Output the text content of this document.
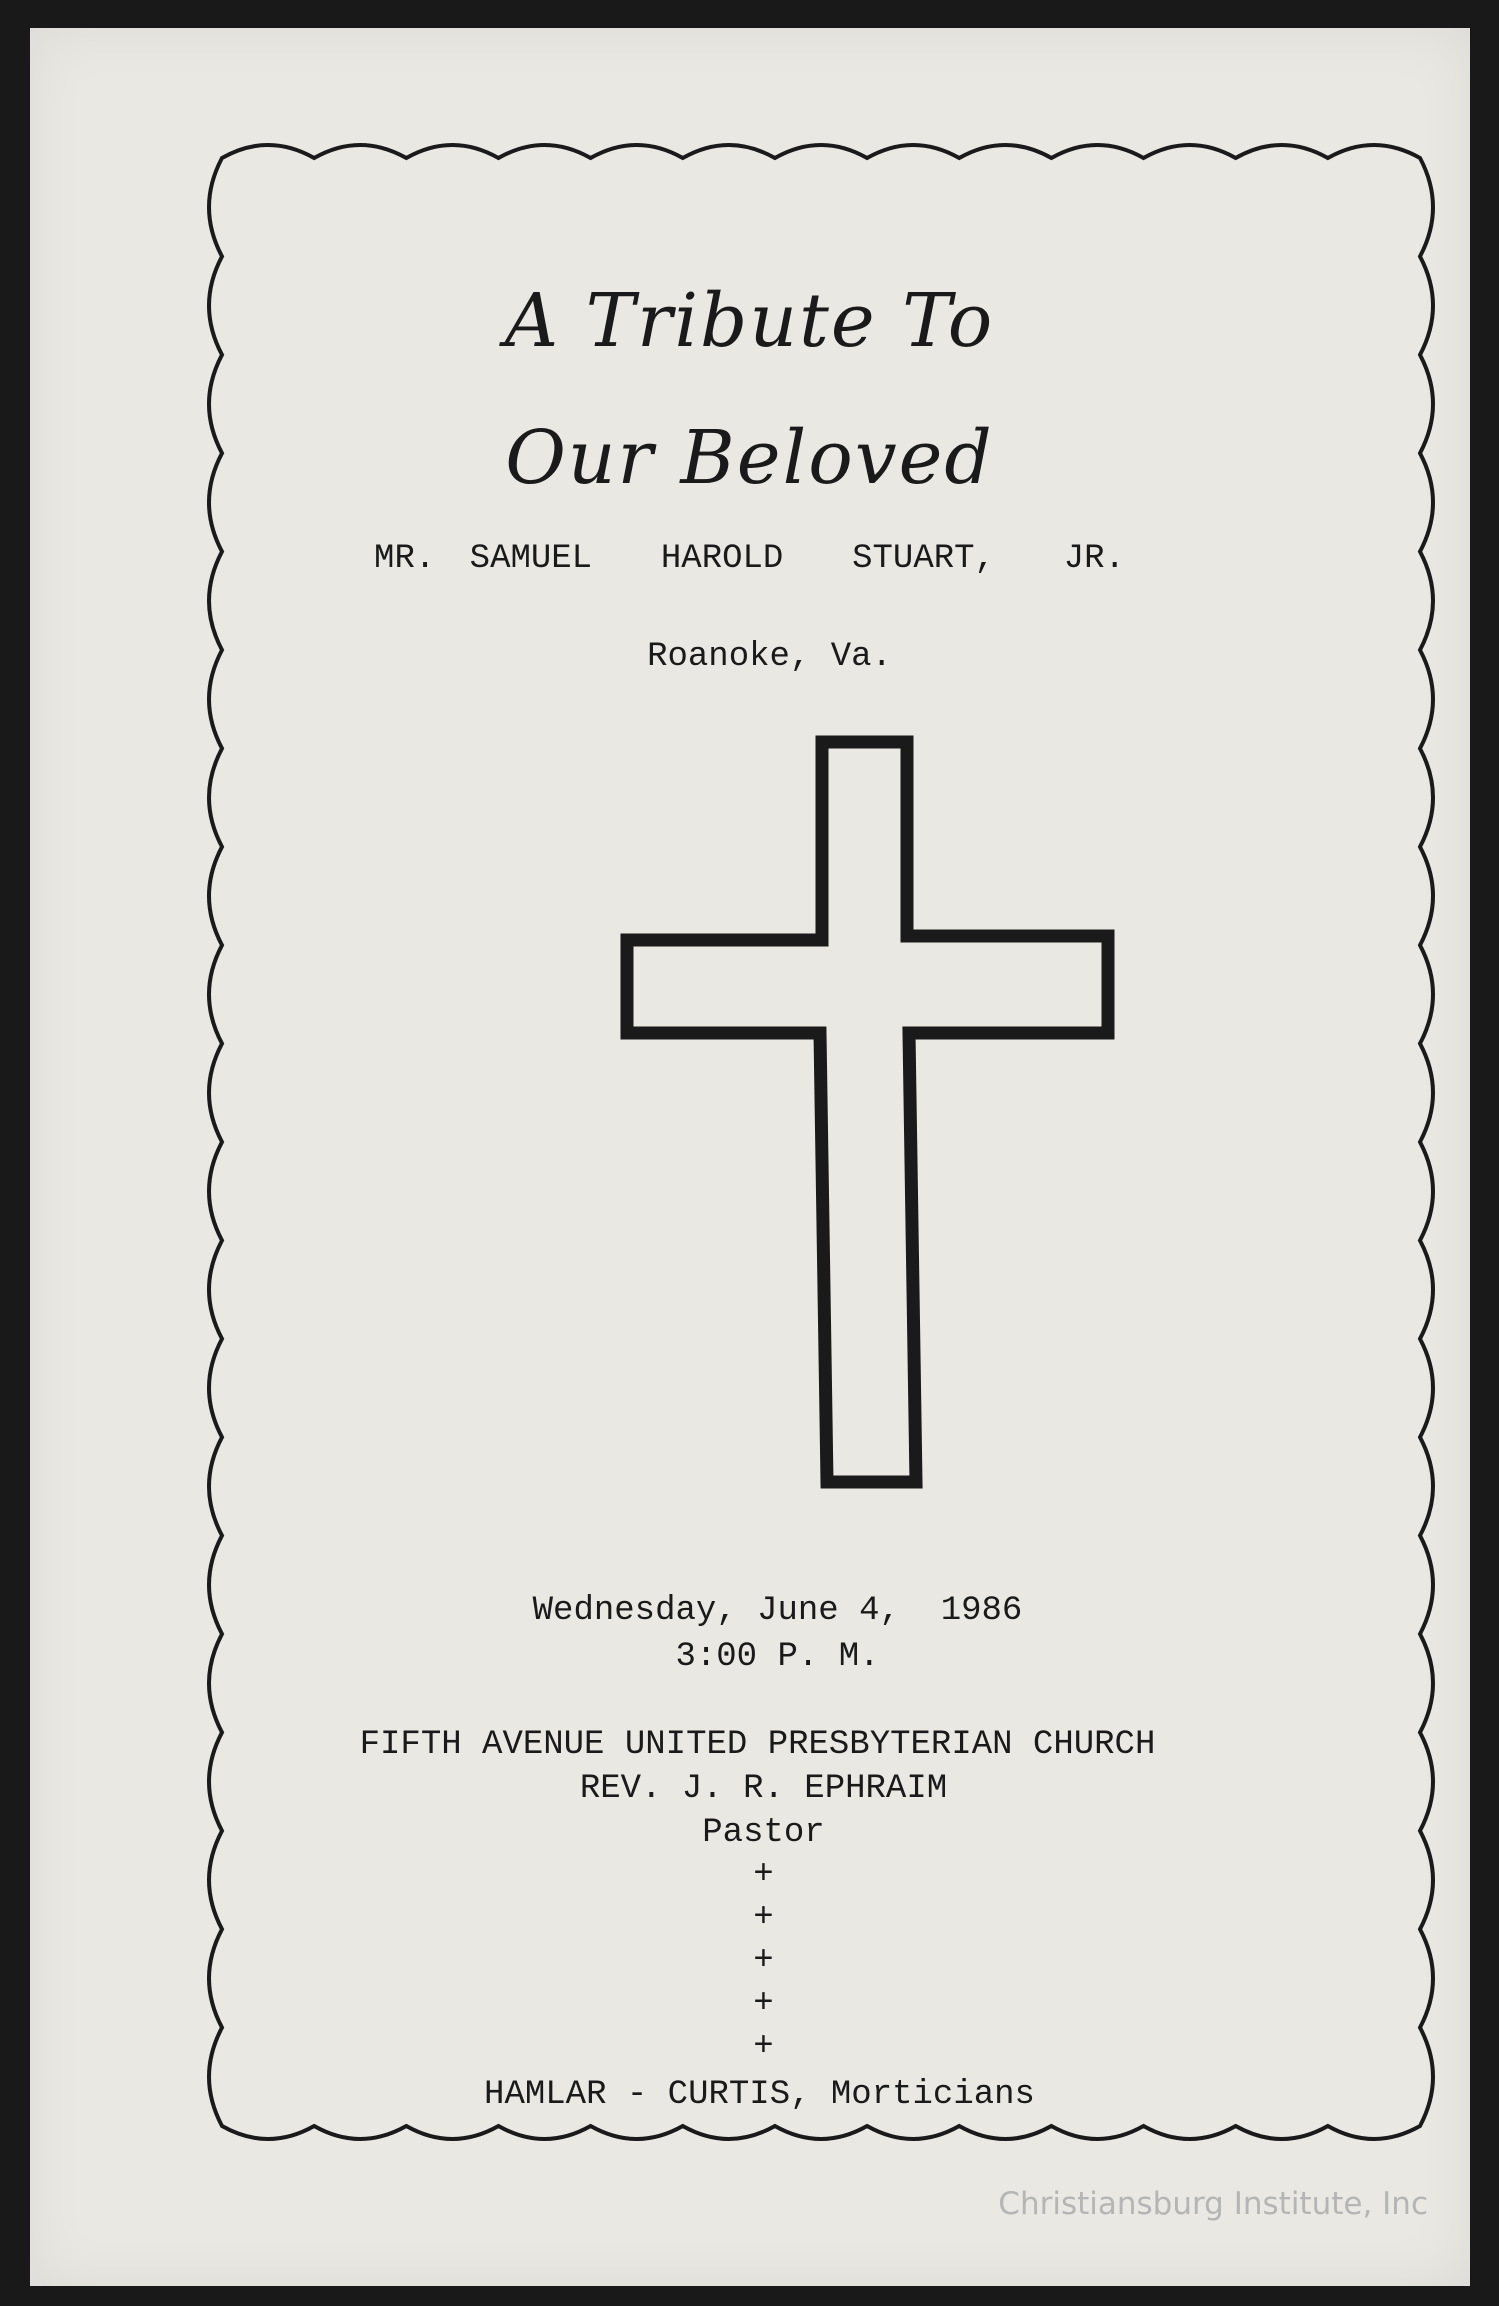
A Tribute To
Our Beloved
MR. SAMUEL  HAROLD  STUART,  JR.
Roanoke, Va.
Wednesday, June 4,  1986
3:00 P. M.
FIFTH AVENUE UNITED PRESBYTERIAN CHURCH
REV. J. R. EPHRAIM
Pastor
+
+
+
+
+
HAMLAR - CURTIS, Morticians
Christiansburg Institute, Inc
